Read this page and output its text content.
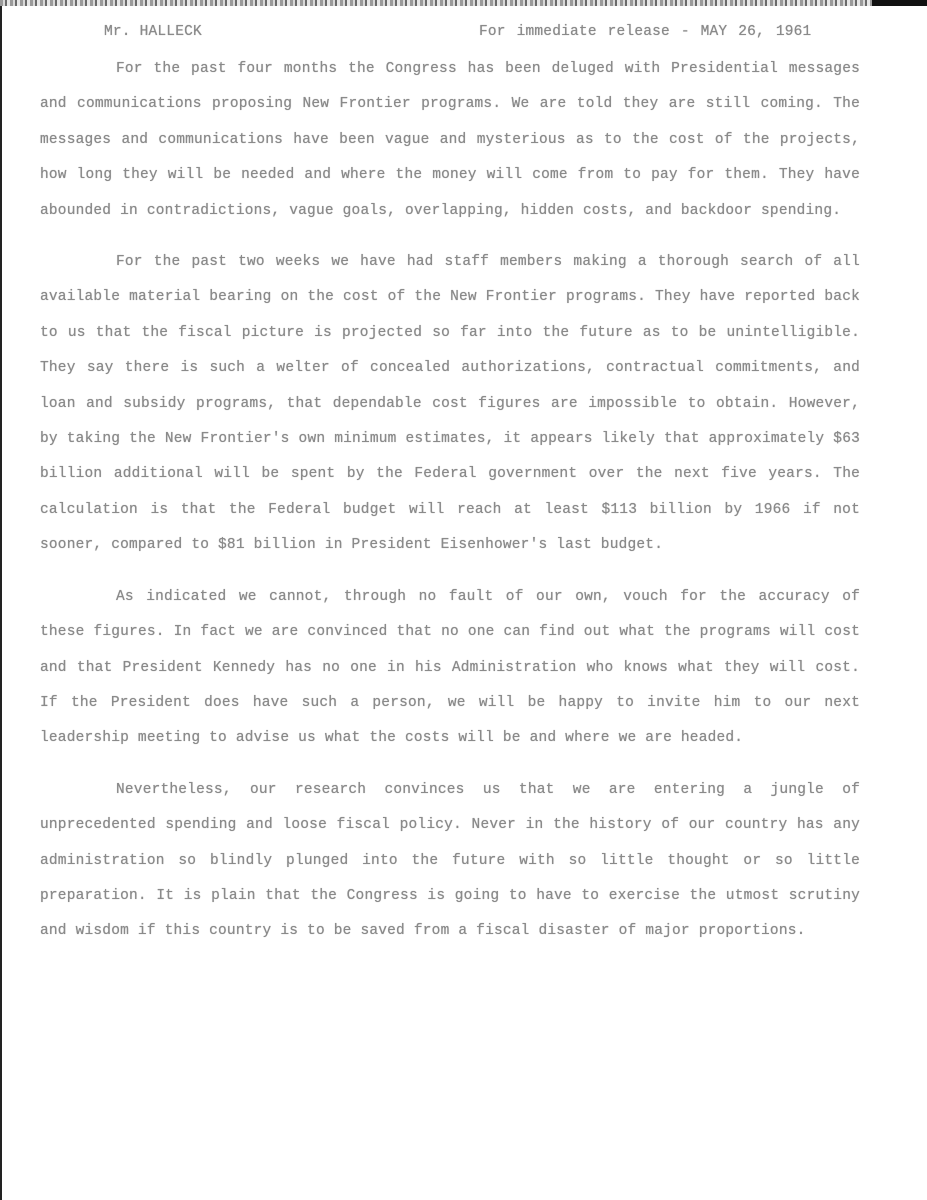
Mr. HALLECK	For immediate release - MAY 26, 1961

For the past four months the Congress has been deluged with Presidential messages and communications proposing New Frontier programs. We are told they are still coming. The messages and communications have been vague and mysterious as to the cost of the projects, how long they will be needed and where the money will come from to pay for them. They have abounded in contradictions, vague goals, overlapping, hidden costs, and backdoor spending.

For the past two weeks we have had staff members making a thorough search of all available material bearing on the cost of the New Frontier programs. They have reported back to us that the fiscal picture is projected so far into the future as to be unintelligible. They say there is such a welter of concealed authorizations, contractual commitments, and loan and subsidy programs, that dependable cost figures are impossible to obtain. However, by taking the New Frontier's own minimum estimates, it appears likely that approximately $63 billion additional will be spent by the Federal government over the next five years. The calculation is that the Federal budget will reach at least $113 billion by 1966 if not sooner, compared to $81 billion in President Eisenhower's last budget.

As indicated we cannot, through no fault of our own, vouch for the accuracy of these figures. In fact we are convinced that no one can find out what the programs will cost and that President Kennedy has no one in his Administration who knows what they will cost. If the President does have such a person, we will be happy to invite him to our next leadership meeting to advise us what the costs will be and where we are headed.

Nevertheless, our research convinces us that we are entering a jungle of unprecedented spending and loose fiscal policy. Never in the history of our country has any administration so blindly plunged into the future with so little thought or so little preparation. It is plain that the Congress is going to have to exercise the utmost scrutiny and wisdom if this country is to be saved from a fiscal disaster of major proportions.
